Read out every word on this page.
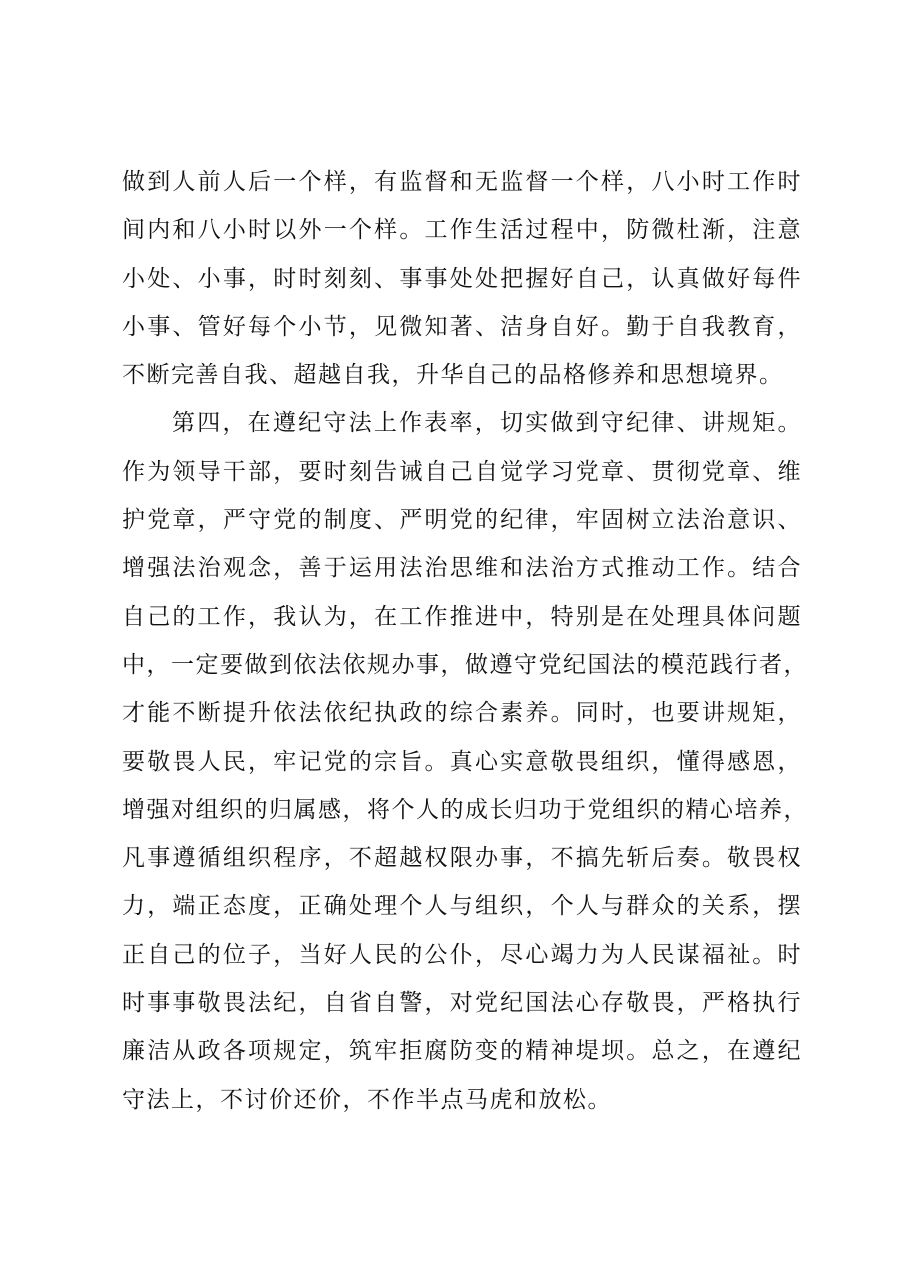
做到人前人后一个样，有监督和无监督一个样，八小时工作时
间内和八小时以外一个样。工作生活过程中，防微杜渐，注意
小处、小事，时时刻刻、事事处处把握好自己，认真做好每件
小事、管好每个小节，见微知著、洁身自好。勤于自我教育，
不断完善自我、超越自我，升华自己的品格修养和思想境界。
第四，在遵纪守法上作表率，切实做到守纪律、讲规矩。
作为领导干部，要时刻告诫自己自觉学习党章、贯彻党章、维
护党章，严守党的制度、严明党的纪律，牢固树立法治意识、
增强法治观念，善于运用法治思维和法治方式推动工作。结合
自己的工作，我认为，在工作推进中，特别是在处理具体问题
中，一定要做到依法依规办事，做遵守党纪国法的模范践行者，
才能不断提升依法依纪执政的综合素养。同时，也要讲规矩，
要敬畏人民，牢记党的宗旨。真心实意敬畏组织，懂得感恩，
增强对组织的归属感，将个人的成长归功于党组织的精心培养，
凡事遵循组织程序，不超越权限办事，不搞先斩后奏。敬畏权
力，端正态度，正确处理个人与组织，个人与群众的关系，摆
正自己的位子，当好人民的公仆，尽心竭力为人民谋福祉。时
时事事敬畏法纪，自省自警，对党纪国法心存敬畏，严格执行
廉洁从政各项规定，筑牢拒腐防变的精神堤坝。总之，在遵纪
守法上，不讨价还价，不作半点马虎和放松。
